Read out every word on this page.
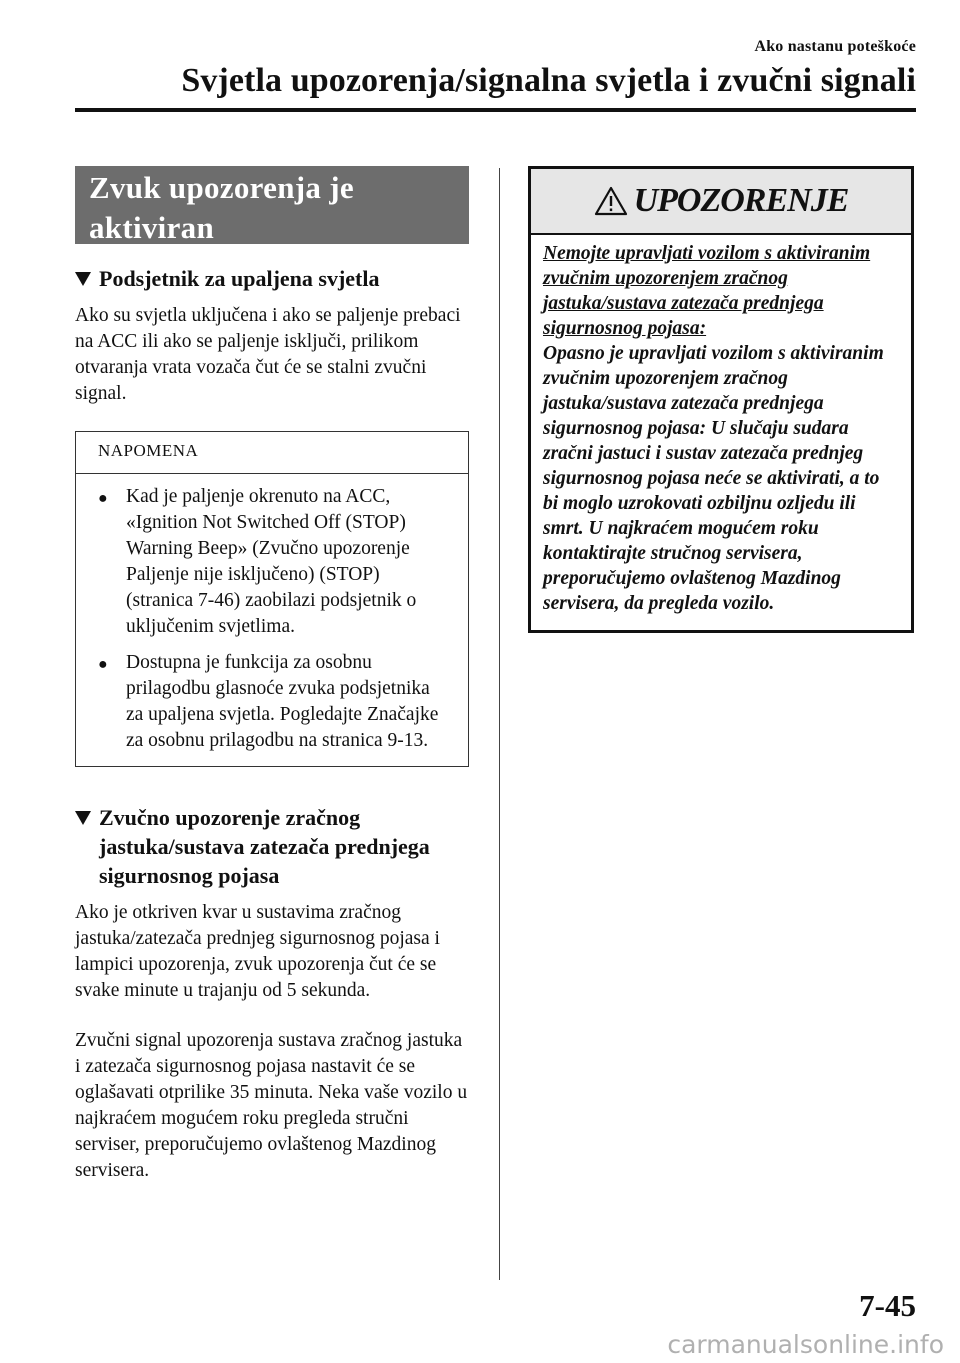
Ako nastanu poteškoće
Svjetla upozorenja/signalna svjetla i zvučni signali
Zvuk upozorenja je
aktiviran
Podsjetnik za upaljena svjetla

Ako su svjetla uključena i ako se paljenje prebaci na ACC ili ako se paljenje isključi, prilikom otvaranja vrata vozača čut će se stalni zvučni signal.

NAPOMENA
● Kad je paljenje okrenuto na ACC, «Ignition Not Switched Off (STOP) Warning Beep» (Zvučno upozorenje Paljenje nije isključeno) (STOP) (stranica 7-46) zaobilazi podsjetnik o uključenim svjetlima.
● Dostupna je funkcija za osobnu prilagodbu glasnoće zvuka podsjetnika za upaljena svjetla. Pogledajte Značajke za osobnu prilagodbu na stranica 9-13.
Zvučno upozorenje zračnog jastuka/sustava zatezača prednjega sigurnosnog pojasa

Ako je otkriven kvar u sustavima zračnog jastuka/zatezača prednjeg sigurnosnog pojasa i lampici upozorenja, zvuk upozorenja čut će se svake minute u trajanju od 5 sekunda.

Zvučni signal upozorenja sustava zračnog jastuka i zatezača sigurnosnog pojasa nastavit će se oglašavati otprilike 35 minuta. Neka vaše vozilo u najkraćem mogućem roku pregleda stručni serviser, preporučujemo ovlaštenog Mazdinog servisera.

UPOZORENJE
Nemojte upravljati vozilom s aktiviranim zvučnim upozorenjem zračnog jastuka/sustava zatezača prednjega sigurnosnog pojasa:
Opasno je upravljati vozilom s aktiviranim zvučnim upozorenjem zračnog jastuka/sustava zatezača prednjega sigurnosnog pojasa: U slučaju sudara zračni jastuci i sustav zatezača prednjeg sigurnosnog pojasa neće se aktivirati, a to bi moglo uzrokovati ozbiljnu ozljedu ili smrt. U najkraćem mogućem roku kontaktirajte stručnog servisera, preporučujemo ovlaštenog Mazdinog servisera, da pregleda vozilo.
7-45
carmanualsonline.info
